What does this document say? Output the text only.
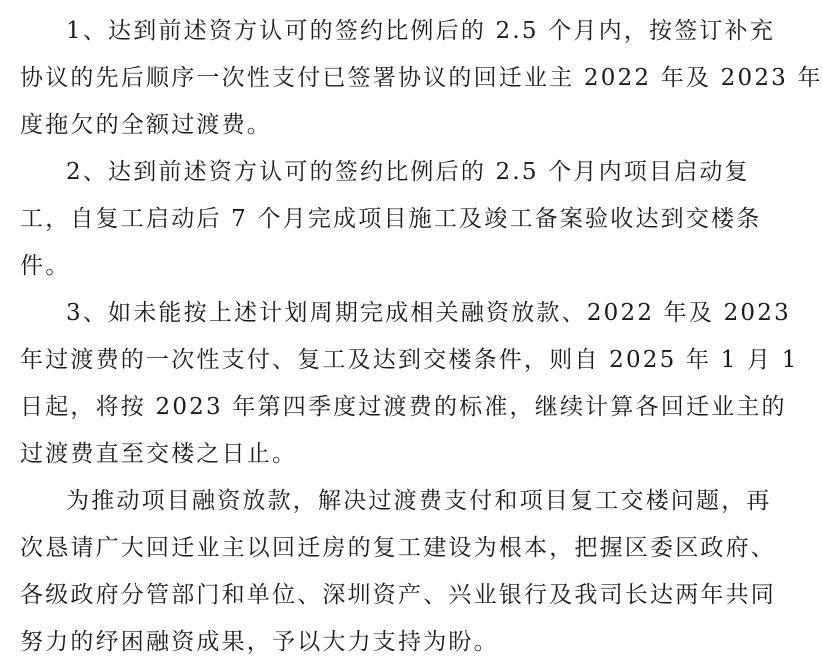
1、达到前述资方认可的签约比例后的 2.5 个月内，按签订补充
协议的先后顺序一次性支付已签署协议的回迁业主 2022 年及 2023 年
度拖欠的全额过渡费。
2、达到前述资方认可的签约比例后的 2.5 个月内项目启动复
工，自复工启动后 7 个月完成项目施工及竣工备案验收达到交楼条
件。
3、如未能按上述计划周期完成相关融资放款、2022 年及 2023
年过渡费的一次性支付、复工及达到交楼条件，则自 2025 年 1 月 1
日起，将按 2023 年第四季度过渡费的标准，继续计算各回迁业主的
过渡费直至交楼之日止。
为推动项目融资放款，解决过渡费支付和项目复工交楼问题，再
次恳请广大回迁业主以回迁房的复工建设为根本，把握区委区政府、
各级政府分管部门和单位、深圳资产、兴业银行及我司长达两年共同
努力的纾困融资成果，予以大力支持为盼。
